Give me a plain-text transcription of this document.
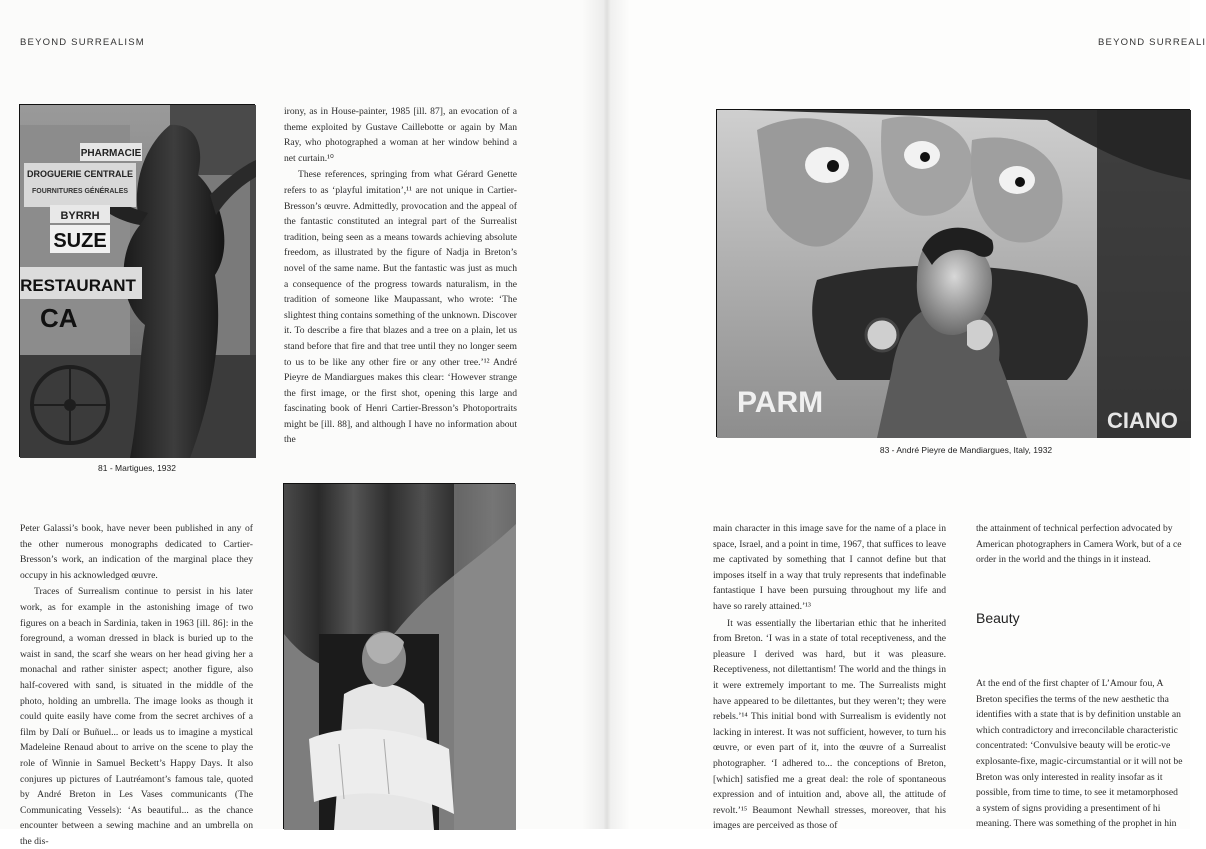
BEYOND SURREALISM
PHARMACIE
DROGUERIE CENTRALE
FOURNITURES GÉNÉRALES
BYRRH
SUZE
RESTAURANT
CA
81 - Martigues, 1932

irony, as in House-painter, 1985 [ill. 87], an evocation of a theme exploited by Gustave Caillebotte or again by Man Ray, who photographed a woman at her window behind a net curtain.¹⁰

These references, springing from what Gérard Genette refers to as ‘playful imitation’,¹¹ are not unique in Cartier-Bresson’s œuvre. Admittedly, provocation and the appeal of the fantastic constituted an integral part of the Surrealist tradition, being seen as a means towards achieving absolute freedom, as illustrated by the figure of Nadja in Breton’s novel of the same name. But the fantastic was just as much a consequence of the progress towards naturalism, in the tradition of someone like Maupassant, who wrote: ‘The slightest thing contains something of the unknown. Discover it. To describe a fire that blazes and a tree on a plain, let us stand before that fire and that tree until they no longer seem to us to be like any other fire or any other tree.’¹² André Pieyre de Mandiargues makes this clear: ‘However strange the first image, or the first shot, opening this large and fascinating book of Henri Cartier-Bresson’s Photoportraits might be [ill. 88], and although I have no information about the

Peter Galassi’s book, have never been published in any of the other numerous monographs dedicated to Cartier-Bresson’s work, an indication of the marginal place they occupy in his acknowledged œuvre.

Traces of Surrealism continue to persist in his later work, as for example in the astonishing image of two figures on a beach in Sardinia, taken in 1963 [ill. 86]: in the foreground, a woman dressed in black is buried up to the waist in sand, the scarf she wears on her head giving her a monachal and rather sinister aspect; another figure, also half-covered with sand, is situated in the middle of the photo, holding an umbrella. The image looks as though it could quite easily have come from the secret archives of a film by Dalí or Buñuel... or leads us to imagine a mystical Madeleine Renaud about to arrive on the scene to play the role of Winnie in Samuel Beckett’s Happy Days. It also conjures up pictures of Lautréamont’s famous tale, quoted by André Breton in Les Vases communicants (The Communicating Vessels): ‘As beautiful... as the chance encounter between a sewing machine and an umbrella on the dis-

BEYOND SURREALI
PARM
CIANO
83 - André Pieyre de Mandiargues, Italy, 1932

main character in this image save for the name of a place in space, Israel, and a point in time, 1967, that suffices to leave me captivated by something that I cannot define but that imposes itself in a way that truly represents that indefinable fantastique I have been pursuing throughout my life and have so rarely attained.’¹³

It was essentially the libertarian ethic that he inherited from Breton. ‘I was in a state of total receptiveness, and the pleasure I derived was hard, but it was pleasure. Receptiveness, not dilettantism! The world and the things in it were extremely important to me. The Surrealists might have appeared to be dilettantes, but they weren’t; they were rebels.’¹⁴ This initial bond with Surrealism is evidently not lacking in interest. It was not sufficient, however, to turn his œuvre, or even part of it, into the œuvre of a Surrealist photographer. ‘I adhered to... the conceptions of Breton, [which] satisfied me a great deal: the role of spontaneous expression and of intuition and, above all, the attitude of revolt.’¹⁵ Beaumont Newhall stresses, moreover, that his images are perceived as those of

the attainment of technical perfection advocated by
American photographers in Camera Work, but of a ce
order in the world and the things in it instead.
Beauty
At the end of the first chapter of L’Amour fou, A
Breton specifies the terms of the new aesthetic tha
identifies with a state that is by definition unstable an
which contradictory and irreconcilable characteristic
concentrated: ‘Convulsive beauty will be erotic-ve
explosante-fixe, magic-circumstantial or it will not be
Breton was only interested in reality insofar as it
possible, from time to time, to see it metamorphosed
a system of signs providing a presentiment of hi
meaning. There was something of the prophet in hin
